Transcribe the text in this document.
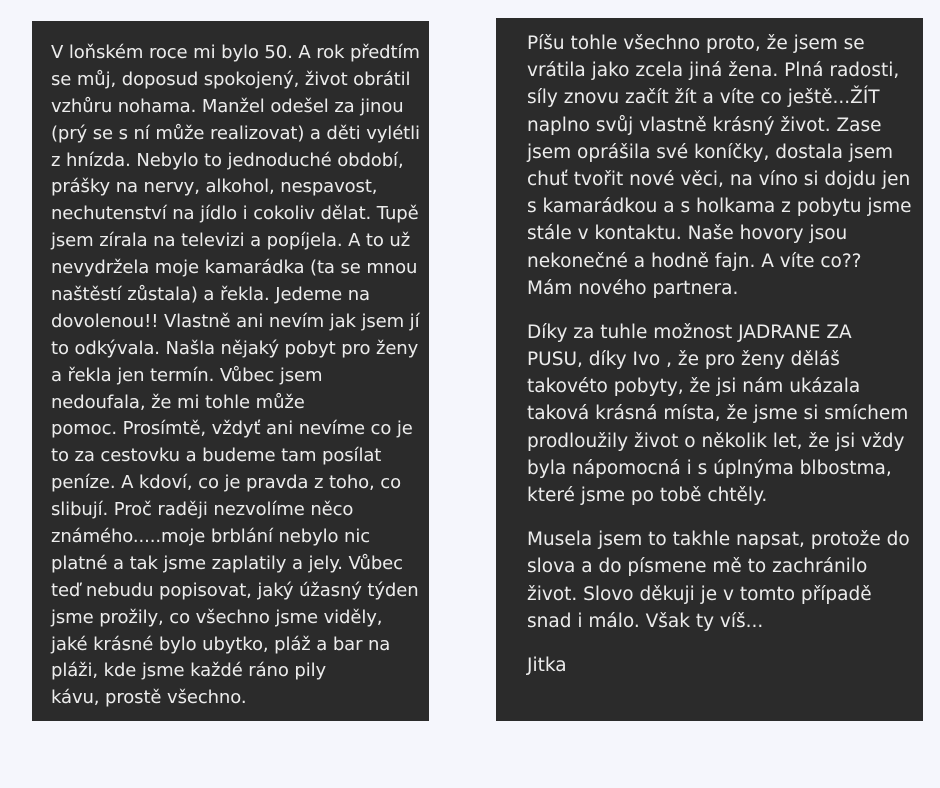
V loňském roce mi bylo 50. A rok předtím
se můj, doposud spokojený, život obrátil
vzhůru nohama. Manžel odešel za jinou
(prý se s ní může realizovat) a děti vylétli
z hnízda. Nebylo to jednoduché období,
prášky na nervy, alkohol, nespavost,
nechutenství na jídlo i cokoliv dělat. Tupě
jsem zírala na televizi a popíjela. A to už
nevydržela moje kamarádka (ta se mnou
naštěstí zůstala) a řekla. Jedeme na
dovolenou!! Vlastně ani nevím jak jsem jí
to odkývala. Našla nějaký pobyt pro ženy
a řekla jen termín. Vůbec jsem
nedoufala, že mi tohle může
pomoc. Prosímtě, vždyť ani nevíme co je
to za cestovku a budeme tam posílat
peníze. A kdoví, co je pravda z toho, co
slibují. Proč raději nezvolíme něco
známého.....moje brblání nebylo nic
platné a tak jsme zaplatily a jely. Vůbec
teď nebudu popisovat, jaký úžasný týden
jsme prožily, co všechno jsme viděly,
jaké krásné bylo ubytko, pláž a bar na
pláži, kde jsme každé ráno pily
kávu, prostě všechno.
Píšu tohle všechno proto, že jsem se
vrátila jako zcela jiná žena. Plná radosti,
síly znovu začít žít a víte co ještě...ŽÍT
naplno svůj vlastně krásný život. Zase
jsem oprášila své koníčky, dostala jsem
chuť tvořit nové věci, na víno si dojdu jen
s kamarádkou a s holkama z pobytu jsme
stále v kontaktu. Naše hovory jsou
nekonečné a hodně fajn. A víte co??
Mám nového partnera.
Díky za tuhle možnost JADRANE ZA
PUSU, díky Ivo , že pro ženy děláš
takovéto pobyty, že jsi nám ukázala
taková krásná místa, že jsme si smíchem
prodloužily život o několik let, že jsi vždy
byla nápomocná i s úplnýma blbostma,
které jsme po tobě chtěly.
Musela jsem to takhle napsat, protože do
slova a do písmene mě to zachránilo
život. Slovo děkuji je v tomto případě
snad i málo. Však ty víš...
Jitka
